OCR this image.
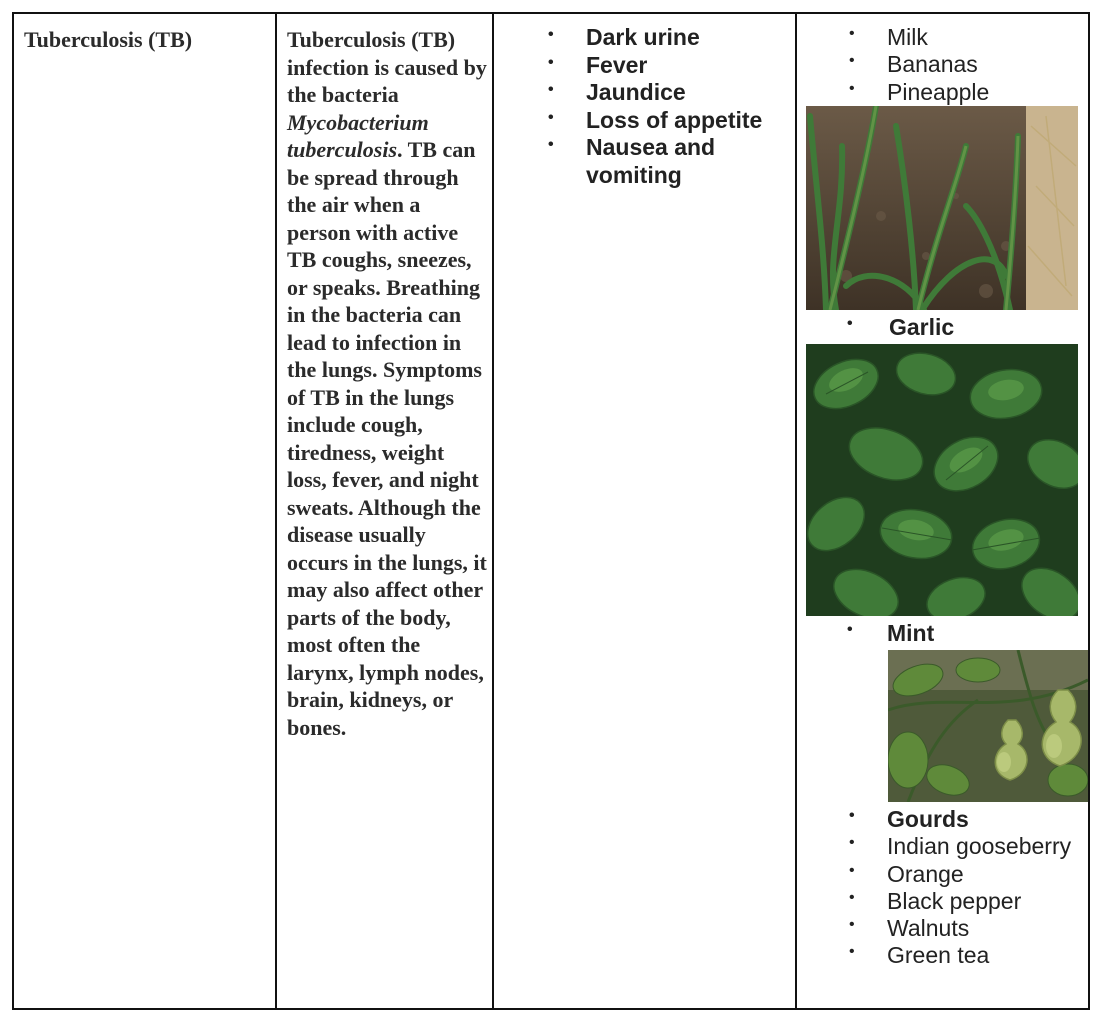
Tuberculosis (TB)	Tuberculosis (TB) infection is caused by the bacteria Mycobacterium tuberculosis. TB can be spread through the air when a person with active TB coughs, sneezes, or speaks. Breathing in the bacteria can lead to infection in the lungs. Symptoms of TB in the lungs include cough, tiredness, weight loss, fever, and night sweats. Although the disease usually occurs in the lungs, it may also affect other parts of the body, most often the larynx, lymph nodes, brain, kidneys, or bones.

• Dark urine
• Fever
• Jaundice
• Loss of appetite
• Nausea and vomiting
• Milk
• Bananas
• Pineapple
• Garlic
• Mint
• Gourds
• Indian gooseberry
• Orange
• Black pepper
• Walnuts
• Green tea
